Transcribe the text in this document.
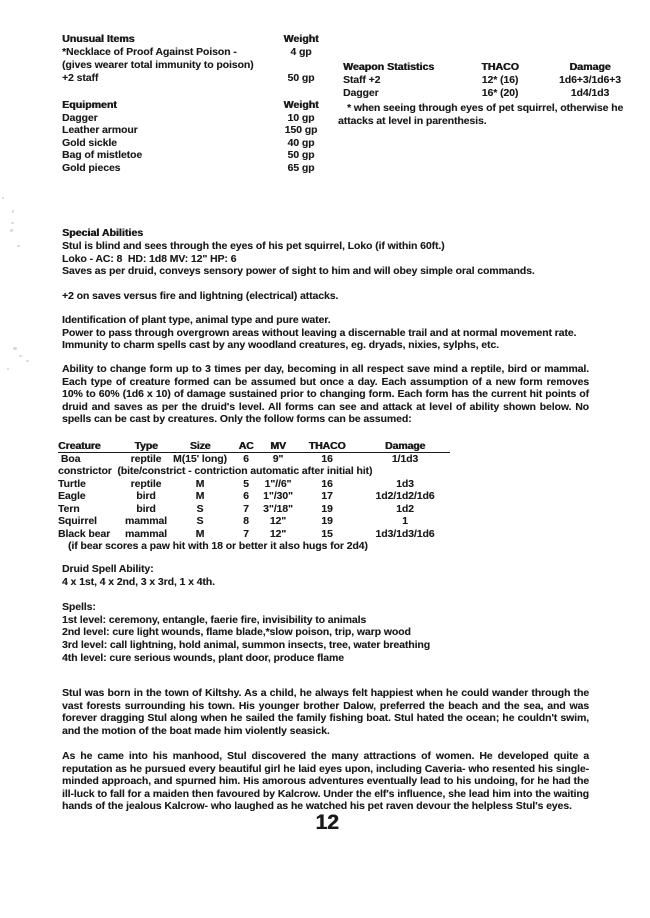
Unusual Items	Weight
*Necklace of Proof Against Poison -	4 gp
(gives wearer total immunity to poison)
+2 staff	50 gp
Equipment	Weight
Dagger	10 gp
Leather armour	150 gp
Gold sickle	40 gp
Bag of mistletoe	50 gp
Gold pieces	65 gp
Weapon Statistics	THACO	Damage
Staff +2	12* (16)	1d6+3/1d6+3
Dagger	16* (20)	1d4/1d3
* when seeing through eyes of pet squirrel, otherwise he attacks at level in parenthesis.
Special Abilities
Stul is blind and sees through the eyes of his pet squirrel, Loko (if within 60ft.)
Loko - AC: 8  HD: 1d8 MV: 12" HP: 6
Saves as per druid, conveys sensory power of sight to him and will obey simple oral commands.
+2 on saves versus fire and lightning (electrical) attacks.
Identification of plant type, animal type and pure water.
Power to pass through overgrown areas without leaving a discernable trail and at normal movement rate.
Immunity to charm spells cast by any woodland creatures, eg. dryads, nixies, sylphs, etc.
Ability to change form up to 3 times per day, becoming in all respect save mind a reptile, bird or mammal. Each type of creature formed can be assumed but once a day. Each assumption of a new form removes 10% to 60% (1d6 x 10) of damage sustained prior to changing form. Each form has the current hit points of druid and saves as per the druid's level. All forms can see and attack at level of ability shown below. No spells can be cast by creatures. Only the follow forms can be assumed:
Creature	Type	Size	AC	MV	THACO	Damage
Boa	reptile	M(15' long)	6	9"	16	1/1d3
constrictor  (bite/constrict - contriction automatic after initial hit)
Turtle	reptile	M	5	1"//6"	16	1d3
Eagle	bird	M	6	1"/30"	17	1d2/1d2/1d6
Tern	bird	S	7	3"/18"	19	1d2
Squirrel	mammal	S	8	12"	19	1
Black bear	mammal	M	7	12"	15	1d3/1d3/1d6
(if bear scores a paw hit with 18 or better it also hugs for 2d4)
Druid Spell Ability:
4 x 1st, 4 x 2nd, 3 x 3rd, 1 x 4th.
Spells:
1st level: ceremony, entangle, faerie fire, invisibility to animals
2nd level: cure light wounds, flame blade,*slow poison, trip, warp wood
3rd level: call lightning, hold animal, summon insects, tree, water breathing
4th level: cure serious wounds, plant door, produce flame
Stul was born in the town of Kiltshy. As a child, he always felt happiest when he could wander through the vast forests surrounding his town. His younger brother Dalow, preferred the beach and the sea, and was forever dragging Stul along when he sailed the family fishing boat. Stul hated the ocean; he couldn't swim, and the motion of the boat made him violently seasick.
As he came into his manhood, Stul discovered the many attractions of women. He developed quite a reputation as he pursued every beautiful girl he laid eyes upon, including Caveria- who resented his single-minded approach, and spurned him. His amorous adventures eventually lead to his undoing, for he had the ill-luck to fall for a maiden then favoured by Kalcrow. Under the elf's influence, she lead him into the waiting hands of the jealous Kalcrow- who laughed as he watched his pet raven devour the helpless Stul's eyes.
12
